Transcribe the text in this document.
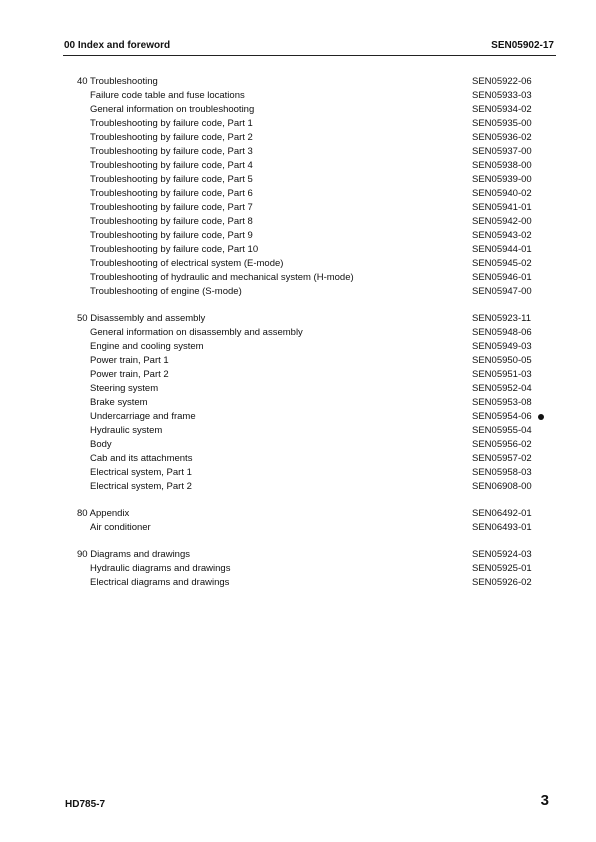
00 Index and foreword	SEN05902-17
40 Troubleshooting	SEN05922-06
Failure code table and fuse locations	SEN05933-03
General information on troubleshooting	SEN05934-02
Troubleshooting by failure code, Part 1	SEN05935-00
Troubleshooting by failure code, Part 2	SEN05936-02
Troubleshooting by failure code, Part 3	SEN05937-00
Troubleshooting by failure code, Part 4	SEN05938-00
Troubleshooting by failure code, Part 5	SEN05939-00
Troubleshooting by failure code, Part 6	SEN05940-02
Troubleshooting by failure code, Part 7	SEN05941-01
Troubleshooting by failure code, Part 8	SEN05942-00
Troubleshooting by failure code, Part 9	SEN05943-02
Troubleshooting by failure code, Part 10	SEN05944-01
Troubleshooting of electrical system (E-mode)	SEN05945-02
Troubleshooting of hydraulic and mechanical system (H-mode)	SEN05946-01
Troubleshooting of engine (S-mode)	SEN05947-00
50 Disassembly and assembly	SEN05923-11
General information on disassembly and assembly	SEN05948-06
Engine and cooling system	SEN05949-03
Power train, Part 1	SEN05950-05
Power train, Part 2	SEN05951-03
Steering system	SEN05952-04
Brake system	SEN05953-08
Undercarriage and frame	SEN05954-06
Hydraulic system	SEN05955-04
Body	SEN05956-02
Cab and its attachments	SEN05957-02
Electrical system, Part 1	SEN05958-03
Electrical system, Part 2	SEN06908-00
80 Appendix	SEN06492-01
Air conditioner	SEN06493-01
90 Diagrams and drawings	SEN05924-03
Hydraulic diagrams and drawings	SEN05925-01
Electrical diagrams and drawings	SEN05926-02
HD785-7	3
